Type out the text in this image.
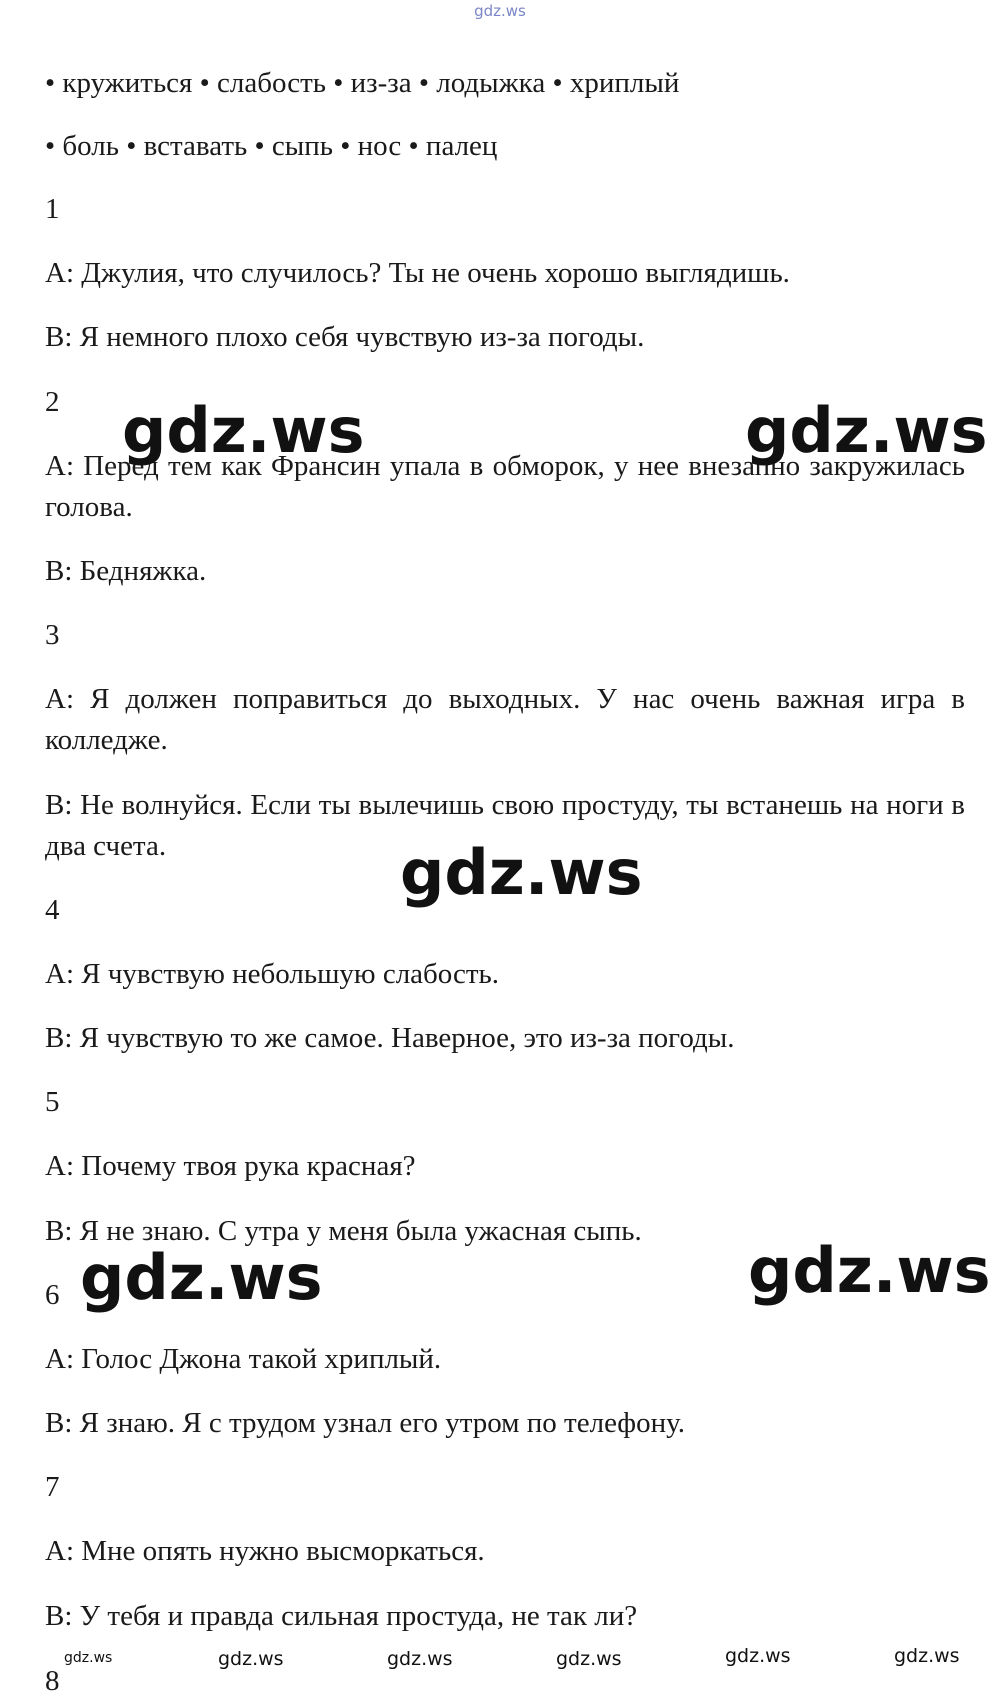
gdz.ws
• кружиться • слабость • из-за • лодыжка • хриплый
• боль • вставать • сыпь • нос • палец
1
A: Джулия, что случилось? Ты не очень хорошо выглядишь.
B: Я немного плохо себя чувствую из-за погоды.
2
A: Перед тем как Франсин упала в обморок, у нее внезапно закружилась голова.
B: Бедняжка.
3
A: Я должен поправиться до выходных. У нас очень важная игра в колледже.
B: Не волнуйся. Если ты вылечишь свою простуду, ты встанешь на ноги в два счета.
4
A: Я чувствую небольшую слабость.
B: Я чувствую то же самое. Наверное, это из-за погоды.
5
A: Почему твоя рука красная?
B: Я не знаю. С утра у меня была ужасная сыпь.
6
A: Голос Джона такой хриплый.
B: Я знаю. Я с трудом узнал его утром по телефону.
7
A: Мне опять нужно высморкаться.
B: У тебя и правда сильная простуда, не так ли?
8
gdz.ws	gdz.ws
gdz.ws
gdz.ws	gdz.ws
gdz.ws	gdz.ws	gdz.ws	gdz.ws	gdz.ws	gdz.ws
